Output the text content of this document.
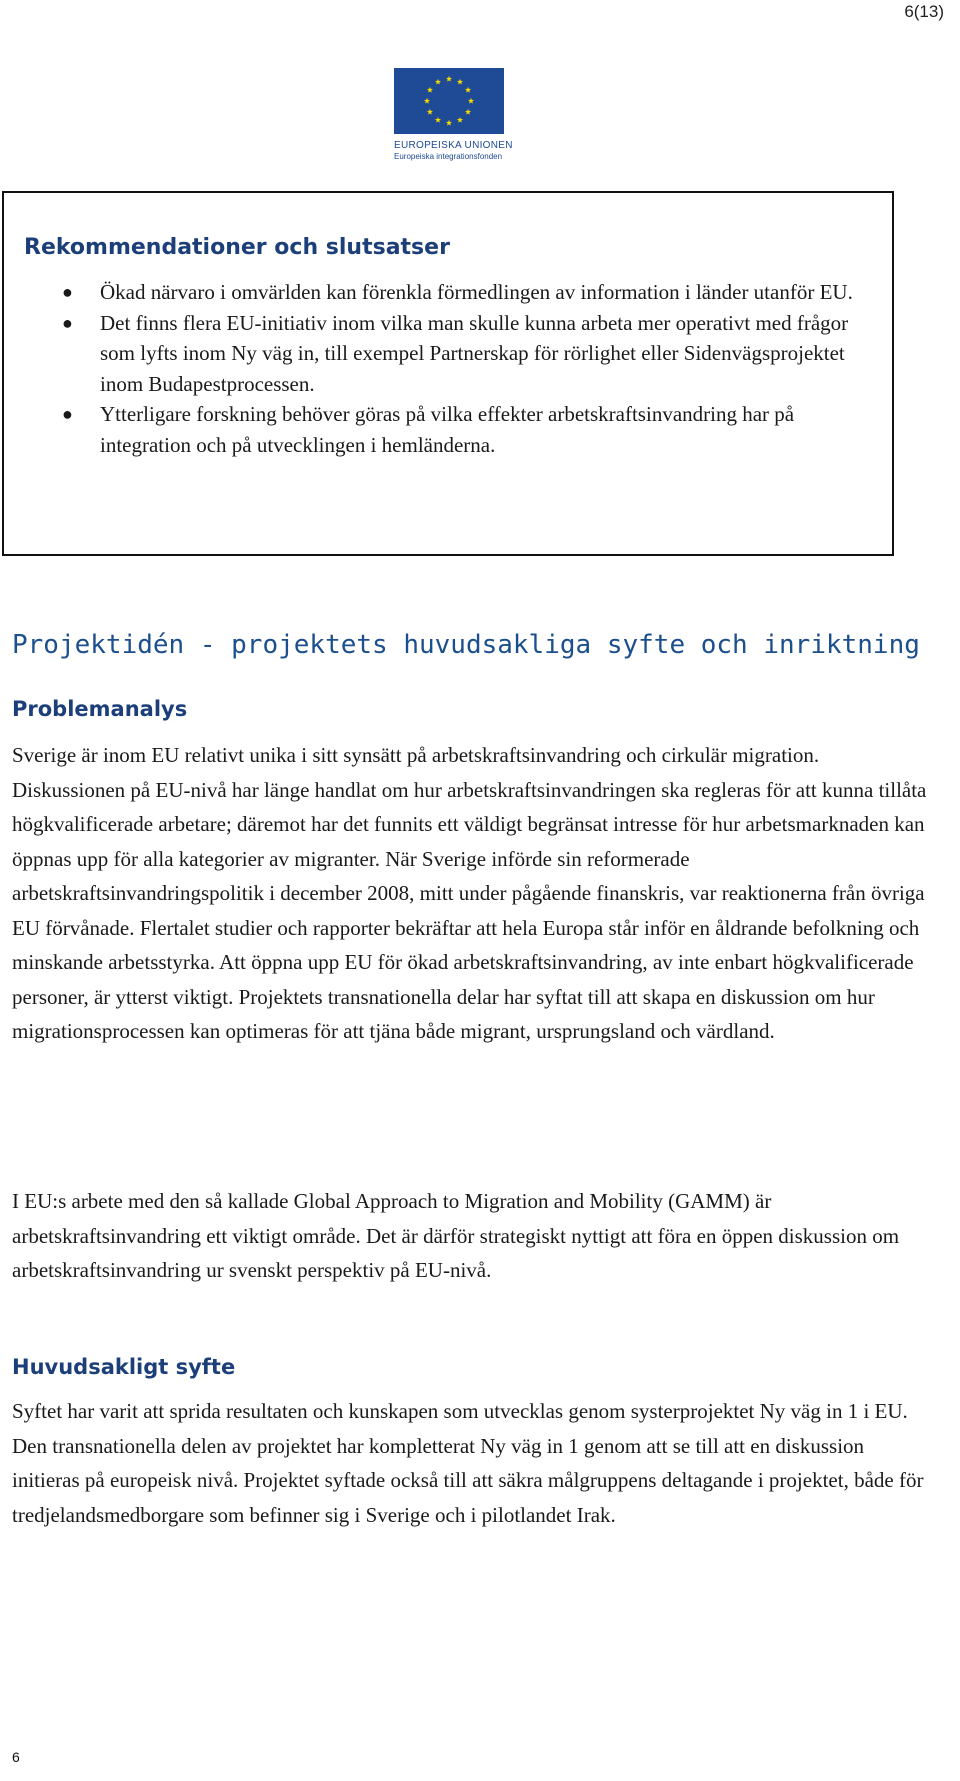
6(13)
EUROPEISKA UNIONEN
Europeiska integrationsfonden
Rekommendationer och slutsatser
● Ökad närvaro i omvärlden kan förenkla förmedlingen av information i länder utanför EU.
● Det finns flera EU-initiativ inom vilka man skulle kunna arbeta mer operativt med frågor som lyfts inom Ny väg in, till exempel Partnerskap för rörlighet eller Sidenvägsprojektet inom Budapestprocessen.
● Ytterligare forskning behöver göras på vilka effekter arbetskraftsinvandring har på integration och på utvecklingen i hemländerna.
Projektidén - projektets huvudsakliga syfte och inriktning
Problemanalys

Sverige är inom EU relativt unika i sitt synsätt på arbetskraftsinvandring och cirkulär migration. Diskussionen på EU-nivå har länge handlat om hur arbetskraftsinvandringen ska regleras för att kunna tillåta högkvalificerade arbetare; däremot har det funnits ett väldigt begränsat intresse för hur arbetsmarknaden kan öppnas upp för alla kategorier av migranter. När Sverige införde sin reformerade arbetskraftsinvandringspolitik i december 2008, mitt under pågående finanskris, var reaktionerna från övriga EU förvånade. Flertalet studier och rapporter bekräftar att hela Europa står inför en åldrande befolkning och minskande arbetsstyrka. Att öppna upp EU för ökad arbetskraftsinvandring, av inte enbart högkvalificerade personer, är ytterst viktigt. Projektets transnationella delar har syftat till att skapa en diskussion om hur migrationsprocessen kan optimeras för att tjäna både migrant, ursprungsland och värdland.

I EU:s arbete med den så kallade Global Approach to Migration and Mobility (GAMM) är arbetskraftsinvandring ett viktigt område. Det är därför strategiskt nyttigt att föra en öppen diskussion om arbetskraftsinvandring ur svenskt perspektiv på EU-nivå.

Huvudsakligt syfte

Syftet har varit att sprida resultaten och kunskapen som utvecklas genom systerprojektet Ny väg in 1 i EU. Den transnationella delen av projektet har kompletterat Ny väg in 1 genom att se till att en diskussion initieras på europeisk nivå. Projektet syftade också till att säkra målgruppens deltagande i projektet, både för tredjelandsmedborgare som befinner sig i Sverige och i pilotlandet Irak.

6
